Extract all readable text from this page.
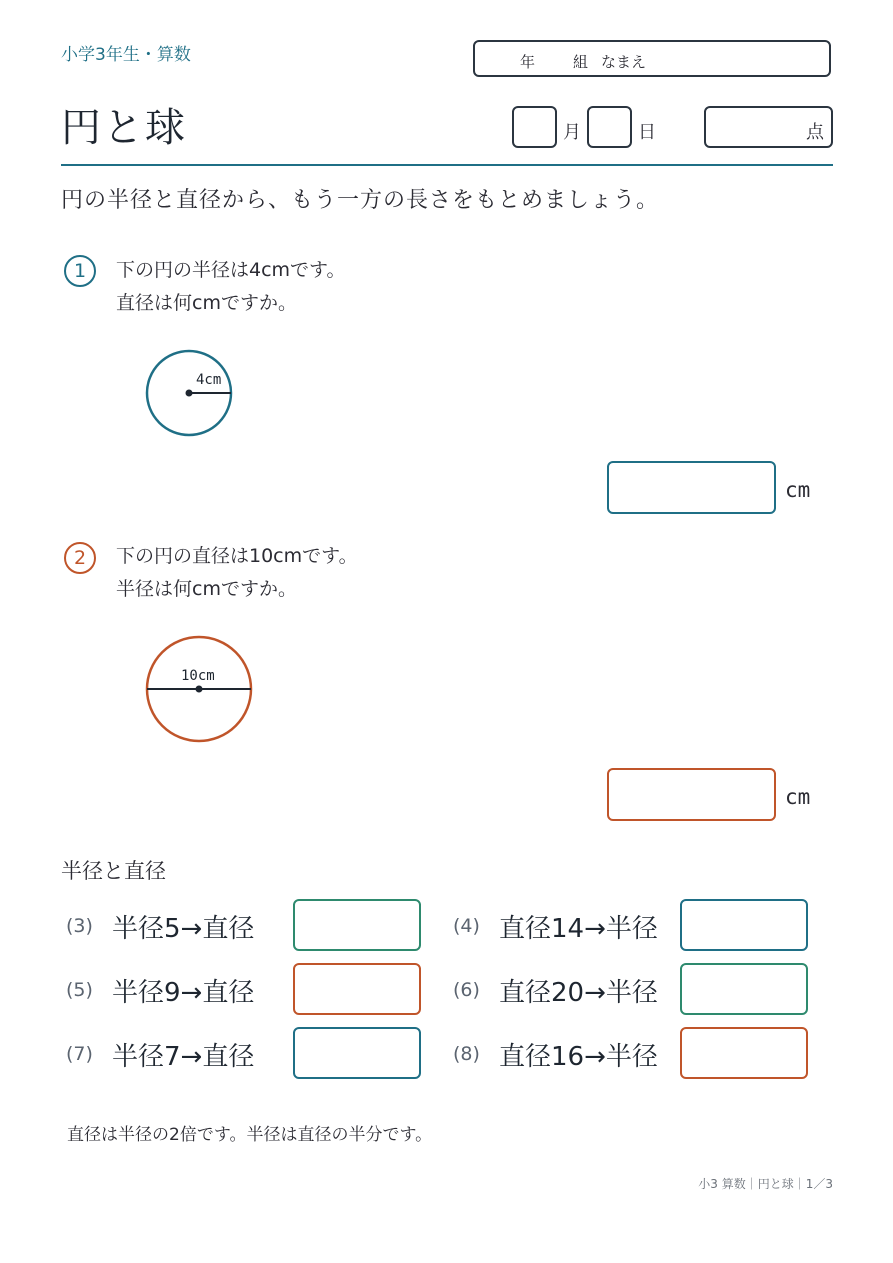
小学3年生・算数	年	組 なまえ
円と球	月	日	点
円の半径と直径から、もう一方の長さをもとめましょう。
1	下の円の半径は4cmです。
直径は何cmですか。
4cm
cm
2	下の円の直径は10cmです。
半径は何cmですか。
10cm
cm
半径と直径
(3) 半径5→直径	(4) 直径14→半径
(5) 半径9→直径	(6) 直径20→半径
(7) 半径7→直径	(8) 直径16→半径
直径は半径の2倍です。半径は直径の半分です。
小3 算数｜円と球｜1／3
